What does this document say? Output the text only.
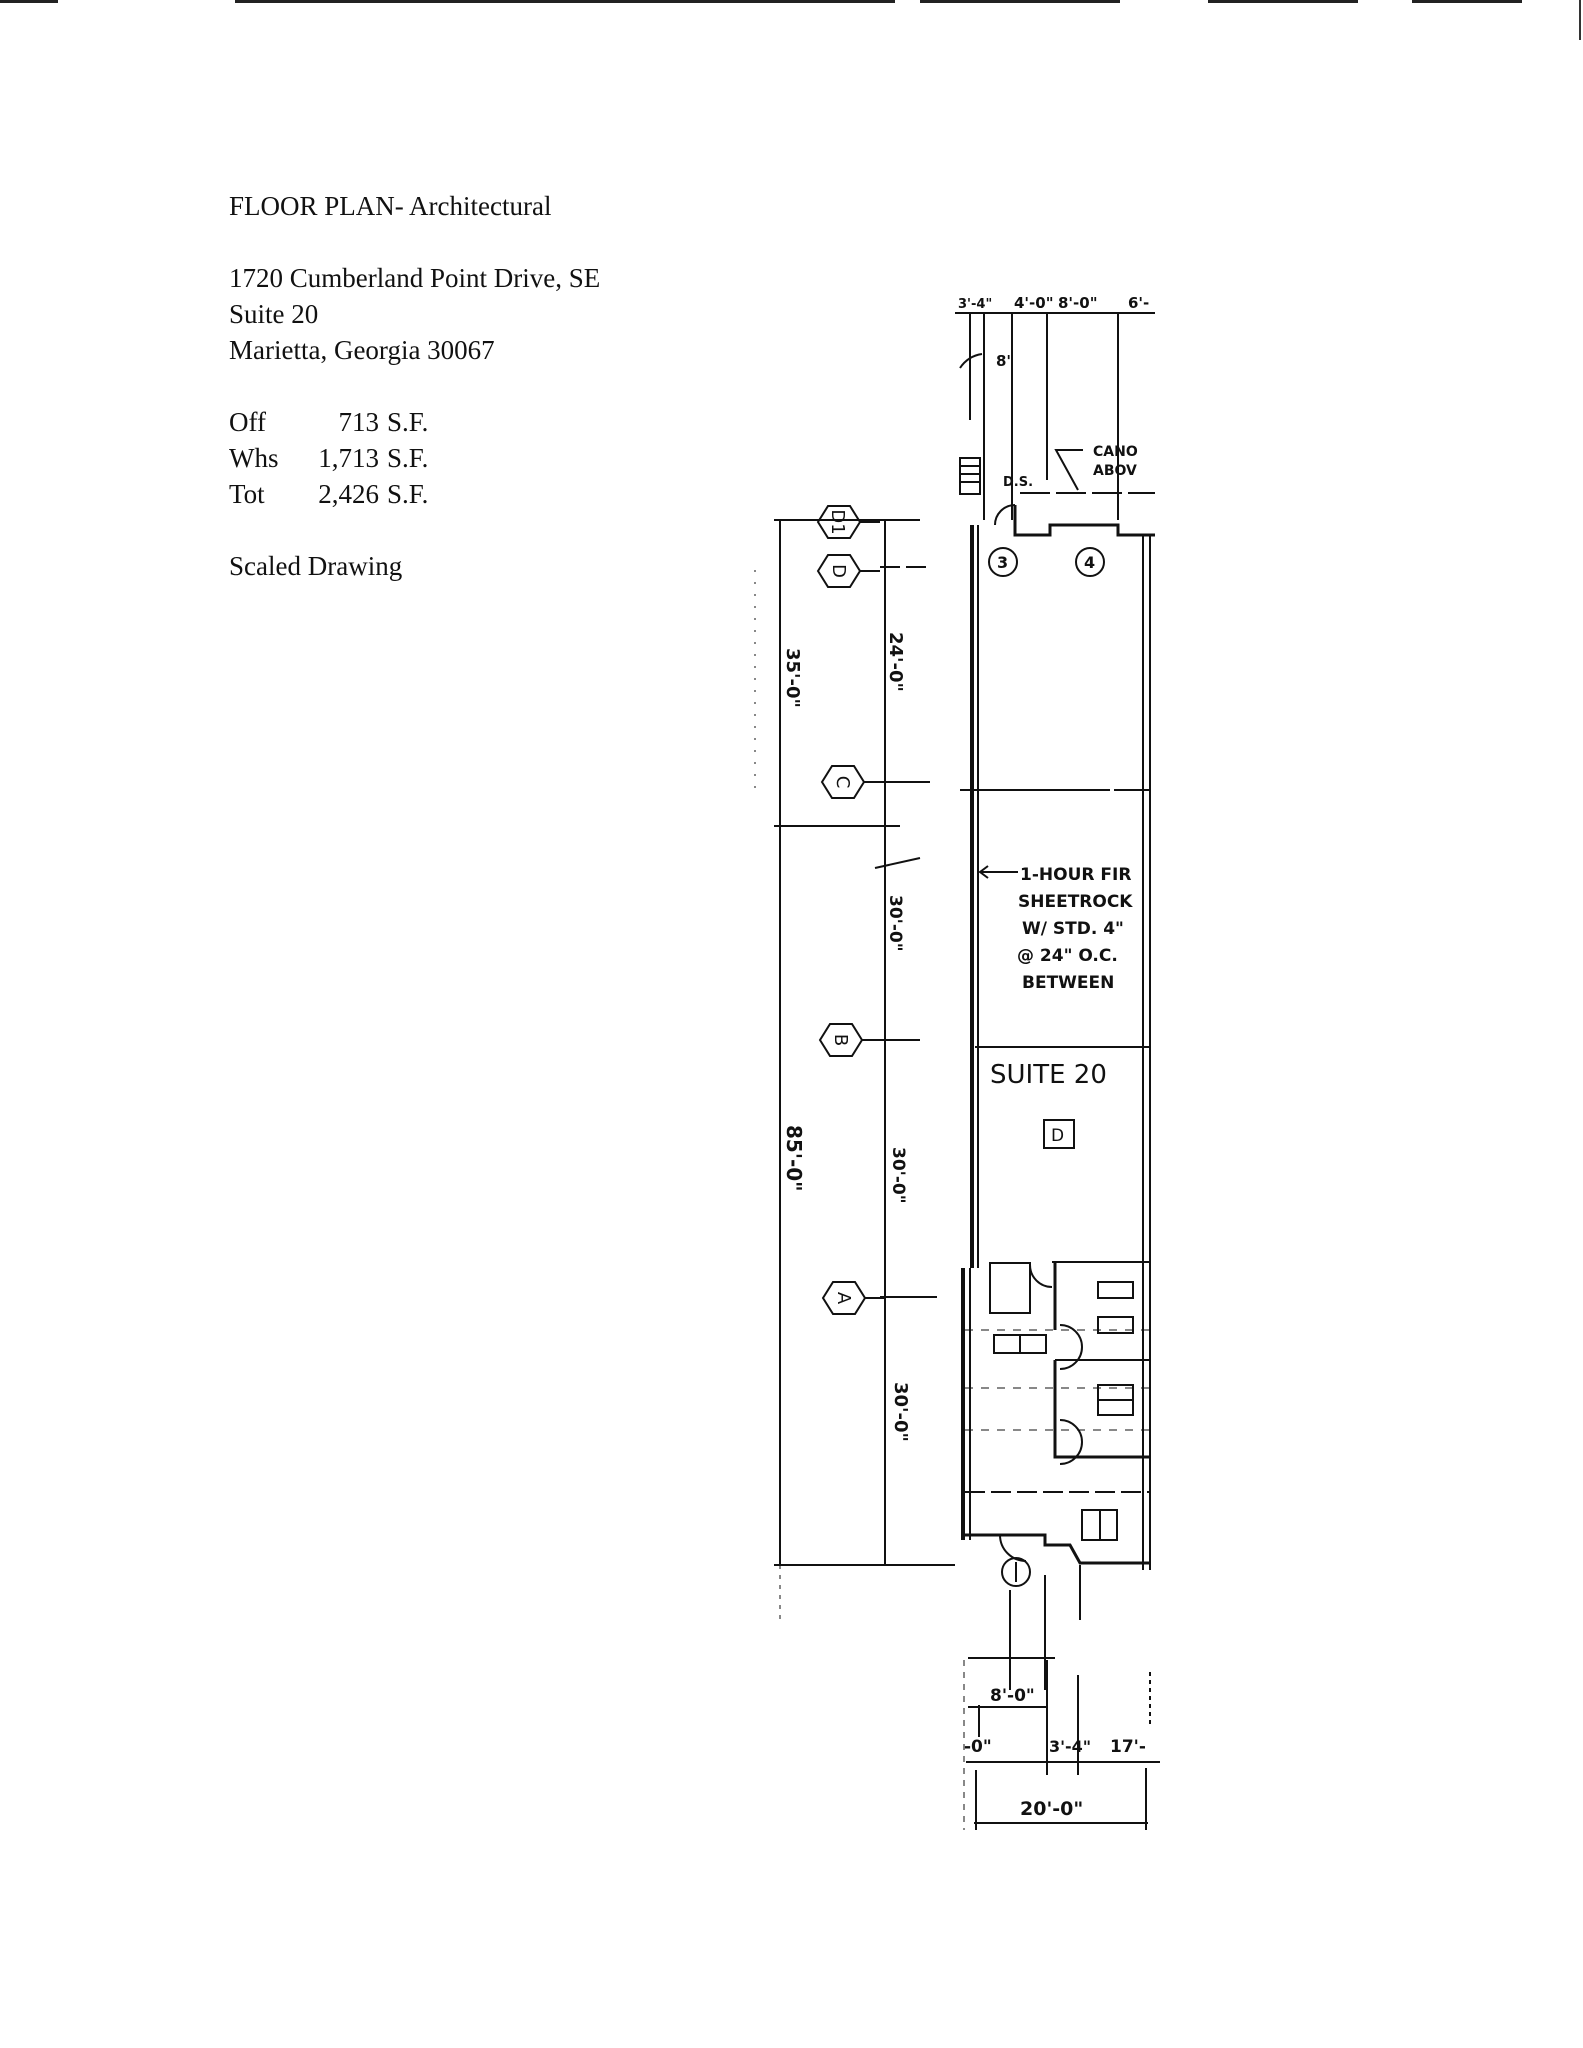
FLOOR PLAN- Architectural
1720 Cumberland Point Drive, SE
Suite 20
Marietta, Georgia 30067
Off	713 S.F.
Whs	1,713 S.F.
Tot	2,426 S.F.
Scaled Drawing
3'-4" 4'-0" 8'-0" 6'-
8"
D.S.
CANO
ABOV
3	4
1-HOUR FIR
SHEETROCK
W/ STD. 4"
@ 24" O.C.
BETWEEN
SUITE 20
D
35'-0"
85'-0"
24'-0"
30'-0"
30'-0"
30'-0"
D1
D
C
B
A
8'-0"
-0"	3'-4" 17'-
20'-0"
